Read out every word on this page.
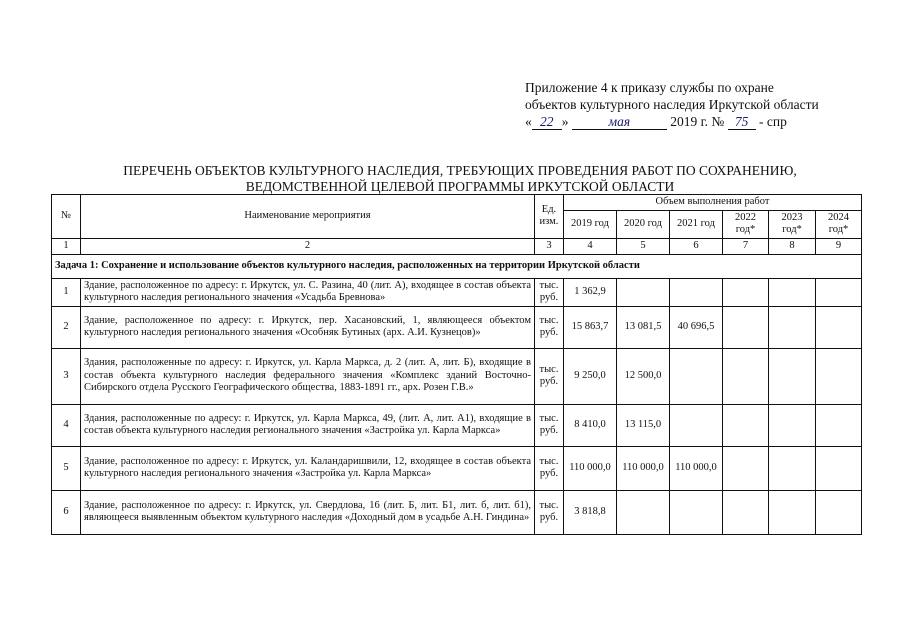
Приложение 4 к приказу службы по охране
объектов культурного наследия Иркутской области
« 22 »	мая	2019 г. № 75 - спр
ПЕРЕЧЕНЬ ОБЪЕКТОВ КУЛЬТУРНОГО НАСЛЕДИЯ, ТРЕБУЮЩИХ ПРОВЕДЕНИЯ РАБОТ ПО СОХРАНЕНИЮ,
ВЕДОМСТВЕННОЙ ЦЕЛЕВОЙ ПРОГРАММЫ ИРКУТСКОЙ ОБЛАСТИ
№	Наименование мероприятия	Ед. изм.	Объем выполнения работ					
			2019 год	2020 год	2021 год	2022 год*	2023 год*	2024 год*
1	2	3	4	5	6	7	8	9
Задача 1: Сохранение и использование объектов культурного наследия, расположенных на территории Иркутской области								
1	Здание, расположенное по адресу: г. Иркутск, ул. С. Разина, 40 (лит. А), входящее в состав объекта культурного наследия регионального значения «Усадьба Бревнова»	тыс. руб.	1 362,9					
2	Здание, расположенное по адресу: г. Иркутск, пер. Хасановский, 1, являющееся объектом культурного наследия регионального значения «Особняк Бутиных (арх. А.И. Кузнецов)»	тыс. руб.	15 863,7	13 081,5	40 696,5			
3	Здания, расположенные по адресу: г. Иркутск, ул. Карла Маркса, д. 2 (лит. А, лит. Б), входящие в состав объекта культурного наследия федерального значения «Комплекс зданий Восточно-Сибирского отдела Русского Географического общества, 1883-1891 гг., арх. Розен Г.В.»	тыс. руб.	9 250,0	12 500,0				
4	Здания, расположенные по адресу: г. Иркутск, ул. Карла Маркса, 49, (лит. А, лит. А1), входящие в состав объекта культурного наследия регионального значения «Застройка ул. Карла Маркса»	тыс. руб.	8 410,0	13 115,0				
5	Здание, расположенное по адресу: г. Иркутск, ул. Каландаришвили, 12, входящее в состав объекта культурного наследия регионального значения «Застройка ул. Карла Маркса»	тыс. руб.	110 000,0	110 000,0	110 000,0			
6	Здание, расположенное по адресу: г. Иркутск, ул. Свердлова, 16 (лит. Б, лит. Б1, лит. б, лит. б1), являющееся выявленным объектом культурного наследия «Доходный дом в усадьбе А.Н. Гиндина»	тыс. руб.	3 818,8					
